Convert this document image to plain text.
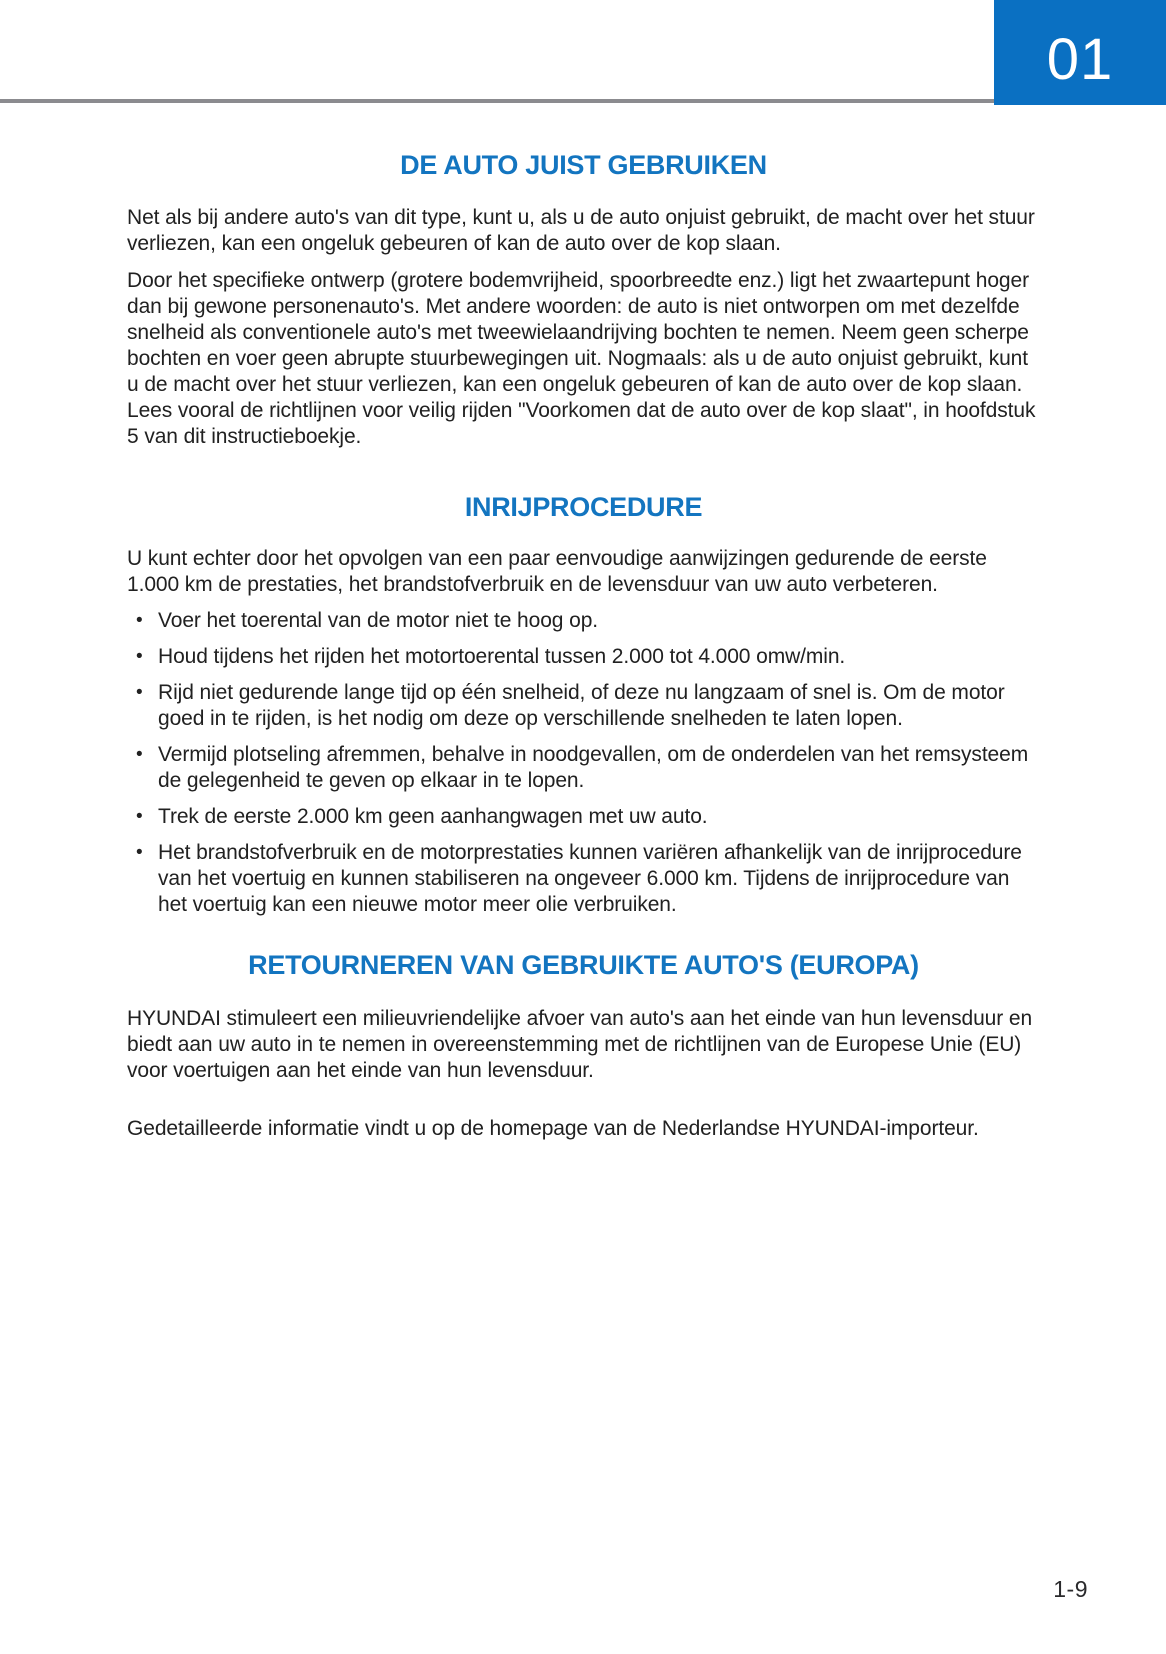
01
DE AUTO JUIST GEBRUIKEN

Net als bij andere auto's van dit type, kunt u, als u de auto onjuist gebruikt, de macht over het stuur verliezen, kan een ongeluk gebeuren of kan de auto over de kop slaan.

Door het specifieke ontwerp (grotere bodemvrijheid, spoorbreedte enz.) ligt het zwaartepunt hoger dan bij gewone personenauto's. Met andere woorden: de auto is niet ontworpen om met dezelfde snelheid als conventionele auto's met tweewielaandrijving bochten te nemen. Neem geen scherpe bochten en voer geen abrupte stuurbewegingen uit. Nogmaals: als u de auto onjuist gebruikt, kunt u de macht over het stuur verliezen, kan een ongeluk gebeuren of kan de auto over de kop slaan. Lees vooral de richtlijnen voor veilig rijden "Voorkomen dat de auto over de kop slaat", in hoofdstuk 5 van dit instructieboekje.

INRIJPROCEDURE

U kunt echter door het opvolgen van een paar eenvoudige aanwijzingen gedurende de eerste 1.000 km de prestaties, het brandstofverbruik en de levensduur van uw auto verbeteren.

• Voer het toerental van de motor niet te hoog op.
• Houd tijdens het rijden het motortoerental tussen 2.000 tot 4.000 omw/min.
• Rijd niet gedurende lange tijd op één snelheid, of deze nu langzaam of snel is. Om de motor goed in te rijden, is het nodig om deze op verschillende snelheden te laten lopen.
• Vermijd plotseling afremmen, behalve in noodgevallen, om de onderdelen van het remsysteem de gelegenheid te geven op elkaar in te lopen.
• Trek de eerste 2.000 km geen aanhangwagen met uw auto.
• Het brandstofverbruik en de motorprestaties kunnen variëren afhankelijk van de inrijprocedure van het voertuig en kunnen stabiliseren na ongeveer 6.000 km. Tijdens de inrijprocedure van het voertuig kan een nieuwe motor meer olie verbruiken.
RETOURNEREN VAN GEBRUIKTE AUTO'S (EUROPA)

HYUNDAI stimuleert een milieuvriendelijke afvoer van auto's aan het einde van hun levensduur en biedt aan uw auto in te nemen in overeenstemming met de richtlijnen van de Europese Unie (EU) voor voertuigen aan het einde van hun levensduur.

Gedetailleerde informatie vindt u op de homepage van de Nederlandse HYUNDAI-importeur.

1-9
